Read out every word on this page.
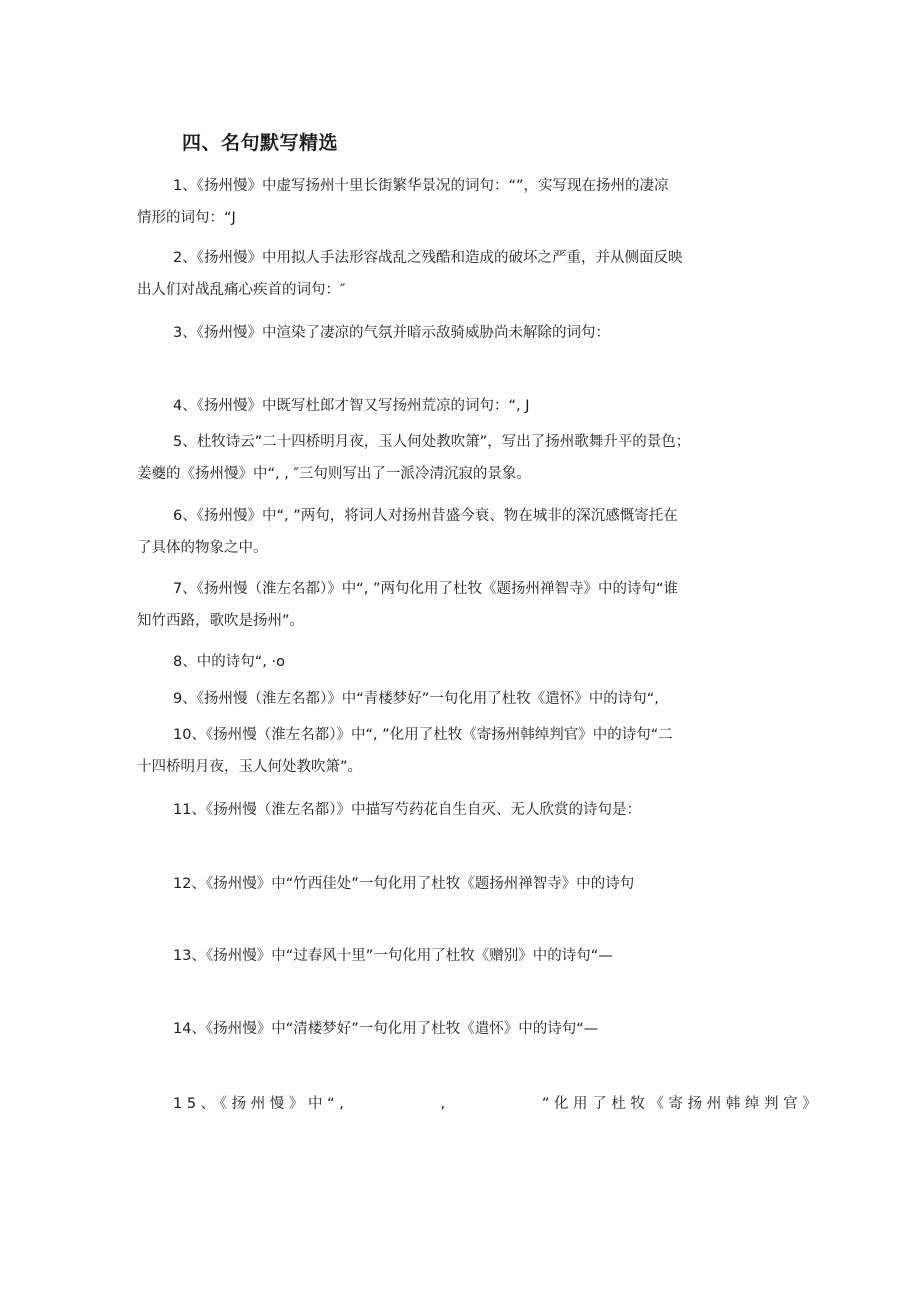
四、名句默写精选
1、《扬州慢》中虚写扬州十里长街繁华景况的词句：“”，实写现在扬州的凄凉
情形的词句：“J
2、《扬州慢》中用拟人手法形容战乱之残酷和造成的破坏之严重，并从侧面反映
出人们对战乱痛心疾首的词句：″
3、《扬州慢》中渲染了凄凉的气氛并暗示敌骑威胁尚未解除的词句：
4、《扬州慢》中既写杜郎才智又写扬州荒凉的词句：“, J
5、杜牧诗云”二十四桥明月夜，玉人何处教吹箫”，写出了扬州歌舞升平的景色；
姜夔的《扬州慢》中“, , ″三句则写出了一派冷清沉寂的景象。
6、《扬州慢》中“, ”两句，将词人对扬州昔盛今衰、物在城非的深沉感慨寄托在
了具体的物象之中。
7、《扬州慢（淮左名都）》中“, ”两句化用了杜牧《题扬州禅智寺》中的诗句“谁
知竹西路，歌吹是扬州”。
8、中的诗句“, ·o
9、《扬州慢（淮左名都）》中“青楼梦好”一句化用了杜牧《遣怀》中的诗句“,
10、《扬州慢（淮左名都）》中“, ”化用了杜牧《寄扬州韩绰判官》中的诗句“二
十四桥明月夜，玉人何处教吹箫”。
11、《扬州慢（淮左名都）》中描写芍药花自生自灭、无人欣赏的诗句是：
12、《扬州慢》中“竹西佳处”一句化用了杜牧《题扬州禅智寺》中的诗句
13、《扬州慢》中“过春风十里”一句化用了杜牧《赠别》中的诗句“—
14、《扬州慢》中“清楼梦好”一句化用了杜牧《遣怀》中的诗句“—
15、《扬州慢》中“,          ,          ”化用了杜牧《寄扬州韩绰判官》
